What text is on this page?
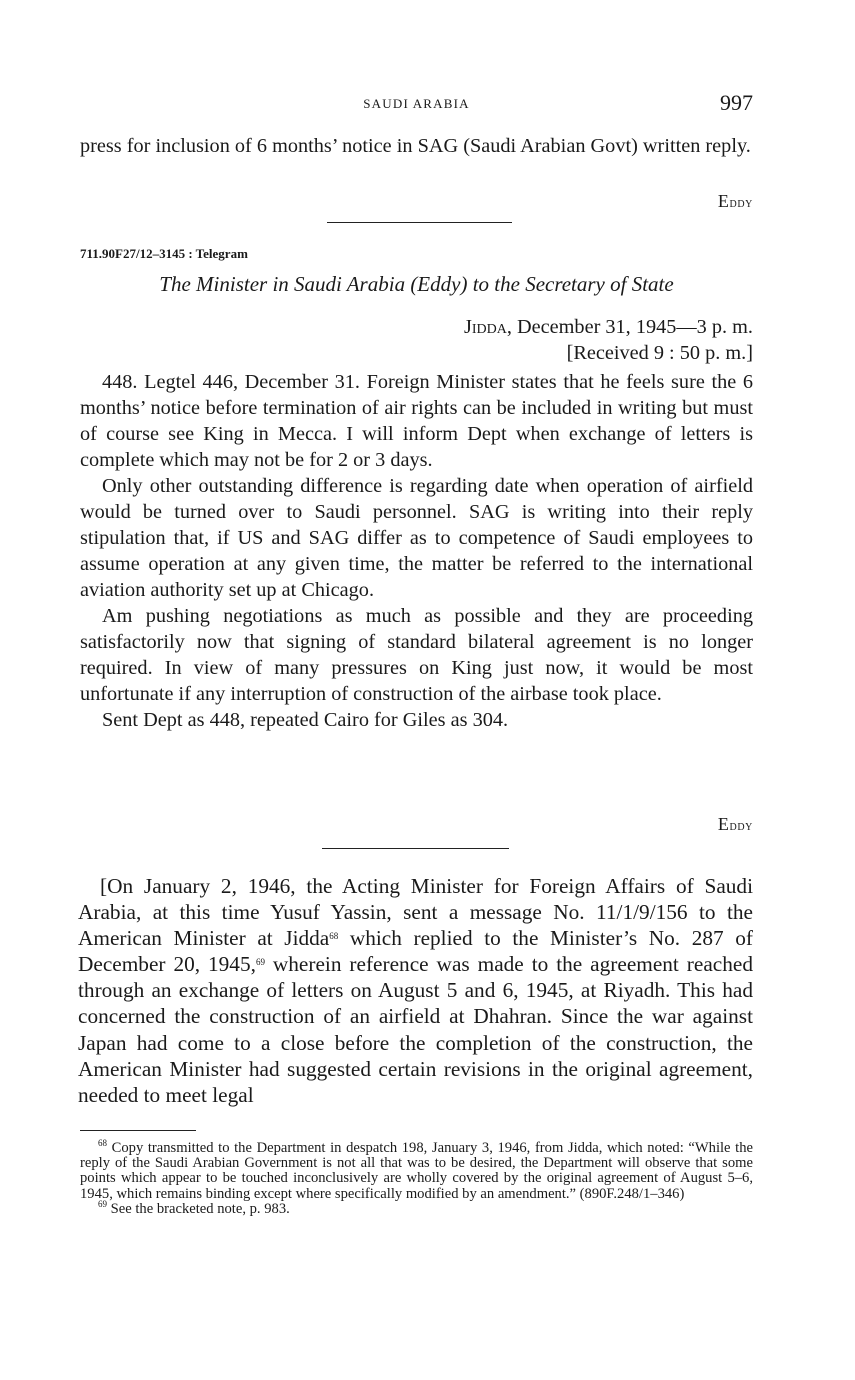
SAUDI ARABIA	997

press for inclusion of 6 months’ notice in SAG (Saudi Arabian Govt) written reply.

Eddy
711.90F27/12–3145 : Telegram
The Minister in Saudi Arabia (Eddy) to the Secretary of State
Jidda, December 31, 1945—3 p. m.
[Received 9 : 50 p. m.]

448. Legtel 446, December 31. Foreign Minister states that he feels sure the 6 months’ notice before termination of air rights can be included in writing but must of course see King in Mecca. I will inform Dept when exchange of letters is complete which may not be for 2 or 3 days.

Only other outstanding difference is regarding date when operation of airfield would be turned over to Saudi personnel. SAG is writing into their reply stipulation that, if US and SAG differ as to competence of Saudi employees to assume operation at any given time, the matter be referred to the international aviation authority set up at Chicago.

Am pushing negotiations as much as possible and they are proceeding satisfactorily now that signing of standard bilateral agreement is no longer required. In view of many pressures on King just now, it would be most unfortunate if any interruption of construction of the airbase took place.

Sent Dept as 448, repeated Cairo for Giles as 304.

Eddy

[On January 2, 1946, the Acting Minister for Foreign Affairs of Saudi Arabia, at this time Yusuf Yassin, sent a message No. 11/1/9/156 to the American Minister at Jidda$^{68}$ which replied to the Minister’s No. 287 of December 20, 1945,69 wherein reference was made to the agreement reached through an exchange of letters on August 5 and 6, 1945, at Riyadh. This had concerned the construction of an airfield at Dhahran. Since the war against Japan had come to a close before the completion of the construction, the American Minister had suggested certain revisions in the original agreement, needed to meet legal

$^{68}$ Copy transmitted to the Department in despatch 198, January 3, 1946, from Jidda, which noted: “While the reply of the Saudi Arabian Government is not all that was to be desired, the Department will observe that some points which appear to be touched inconclusively are wholly covered by the original agreement of August 5–6, 1945, which remains binding except where specifically modified by an amendment.” (890F.248/1–346)

$^{69}$ See the bracketed note, p. 983.
